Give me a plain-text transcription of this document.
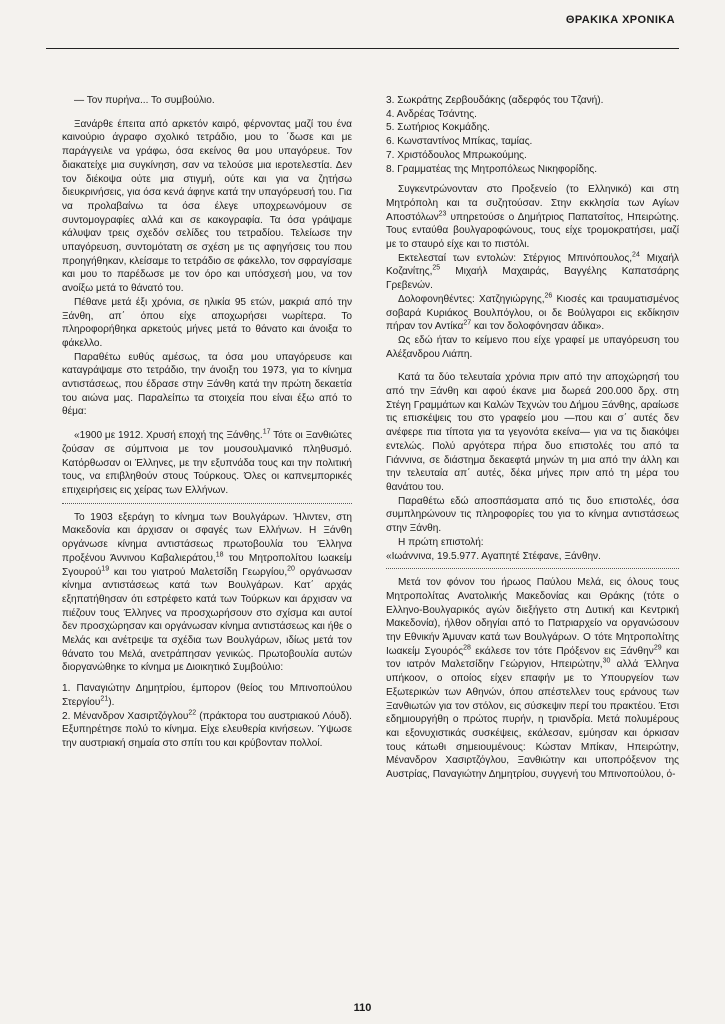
ΘΡΑΚΙΚΑ ΧΡΟΝΙΚΑ

— Τον πυρήνα... Το συμβούλιο.

Ξανάρθε έπειτα από αρκετόν καιρό, φέρνοντας μαζί του ένα καινούριο άγραφο σχολικό τετράδιο, μου το ΄δωσε και με παράγγειλε να γράφω, όσα εκείνος θα μου υπαγόρευε. Τον διακατείχε μια συγκίνηση, σαν να τελούσε μια ιεροτελεστία. Δεν τον διέκοψα ούτε μια στιγμή, ούτε και για να ζητήσω διευκρινήσεις, για όσα κενά άφηνε κατά την υπαγόρευσή του. Για να προλαβαίνω τα όσα έλεγε υποχρεωνόμουν σε συντομογραφίες αλλά και σε κακογραφία. Τα όσα γράψαμε κάλυψαν τρεις σχεδόν σελίδες του τετραδίου. Τελείωσε την υπαγόρευση, συντομότατη σε σχέση με τις αφηγήσεις του που προηγήθηκαν, κλείσαμε το τετράδιο σε φάκελλο, τον σφραγίσαμε και μου το παρέδωσε με τον όρο και υπόσχεσή μου, να τον ανοίξω μετά το θάνατό του.

Πέθανε μετά έξι χρόνια, σε ηλικία 95 ετών, μακριά από την Ξάνθη, απ΄ όπου είχε αποχωρήσει νωρίτερα. Το πληροφορήθηκα αρκετούς μήνες μετά το θάνατο και άνοιξα το φάκελλο.

Παραθέτω ευθύς αμέσως, τα όσα μου υπαγόρευσε και καταγράψαμε στο τετράδιο, την άνοιξη του 1973, για το κίνημα αντιστάσεως, που έδρασε στην Ξάνθη κατά την πρώτη δεκαετία του αιώνα μας. Παραλείπω τα στοιχεία που είναι έξω από το θέμα:

«1900 με 1912. Χρυσή εποχή της Ξάνθης.$^{17}$ Τότε οι Ξανθιώτες ζούσαν σε σύμπνοια με τον μουσουλμανικό πληθυσμό. Κατόρθωσαν οι Έλληνες, με την εξυπνάδα τους και την πολιτική τους, να επιβληθούν στους Τούρκους. Όλες οι καπνεμπορικές επιχειρήσεις εις χείρας των Ελλήνων.

Το 1903 εξεράγη το κίνημα των Βουλγάρων. Ήλιντεν, στη Μακεδονία και άρχισαν οι σφαγές των Ελλήνων. Η Ξάνθη οργάνωσε κίνημα αντιστάσεως πρωτοβουλία του Έλληνα προξένου Άννινου Καβαλιεράτου,$^{18}$ του Μητροπολίτου Ιωακείμ Σγουρού$^{19}$ και του γιατρού Μαλετσίδη Γεωργίου,$^{20}$ οργάνωσαν κίνημα αντιστάσεως κατά των Βουλγάρων. Κατ΄ αρχάς εξηπατήθησαν ότι εστρέφετο κατά των Τούρκων και άρχισαν να πιέζουν τους Έλληνες να προσχωρήσουν στο σχίσμα και αυτοί δεν προσχώρησαν και οργάνωσαν κίνημα αντιστάσεως και ήθε ο Μελάς και ανέτρεψε τα σχέδια των Βουλγάρων, ιδίως μετά τον θάνατο του Μελά, ανετράπησαν γενικώς. Πρωτοβουλία αυτών διοργανώθηκε το κίνημα με Διοικητικό Συμβούλιο:

1. Παναγιώτην Δημητρίου, έμπορον (θείος του Μπινοπούλου Στεργίου$^{21}$).

2. Μένανδρον Χασιρτζόγλου$^{22}$ (πράκτορα του αυστριακού Λόυδ). Εξυπηρέτησε πολύ το κίνημα. Είχε ελευθερία κινήσεων. Ύψωσε την αυστριακή σημαία στο σπίτι του και κρύβονταν πολλοί.

3. Σωκράτης Ζερβουδάκης (αδερφός του Τζανή).
4. Ανδρέας Τσάντης.
5. Σωτήριος Κοκμάδης.
6. Κωνσταντίνος Μπίκας, ταμίας.
7. Χριστόδουλος Μπρωκούμης.
8. Γραμματέας της Μητροπόλεως Νικηφορίδης.

Συγκεντρώνονταν στο Προξενείο (το Ελληνικό) και στη Μητρόπολη και τα συζητούσαν. Στην εκκλησία των Αγίων Αποστόλων$^{23}$ υπηρετούσε ο Δημήτριος Παπατσίτος, Ηπειρώτης. Τους ενταύθα βουλγαροφώνους, τους είχε τρομοκρατήσει, μαζί με το σταυρό είχε και το πιστόλι.

Εκτελεσταί των εντολών: Στέργιος Μπινόπουλος,$^{24}$ Μιχαήλ Κοζανίτης,$^{25}$ Μιχαήλ Μαχαιράς, Βαγγέλης Καπατσάρης Γρεβενών.

Δολοφονηθέντες: Χατζηγιώργης,$^{26}$ Κιοσές και τραυματισμένος σοβαρά Κυριάκος Βουλπόγλου, οι δε Βούλγαροι εις εκδίκησιν πήραν τον Αντίκα$^{27}$ και τον δολοφόνησαν άδικα».

Ως εδώ ήταν το κείμενο που είχε γραφεί με υπαγόρευση του Αλέξανδρου Λιάπη.

Κατά τα δύο τελευταία χρόνια πριν από την αποχώρησή του από την Ξάνθη και αφού έκανε μια δωρεά 200.000 δρχ. στη Στέγη Γραμμάτων και Καλών Τεχνών του Δήμου Ξάνθης, αραίωσε τις επισκέψεις του στο γραφείο μου —που και σ΄ αυτές δεν ανέφερε πια τίποτα για τα γεγονότα εκείνα— για να τις διακόψει εντελώς. Πολύ αργότερα πήρα δυο επιστολές του από τα Γιάννινα, σε διάστημα δεκαεφτά μηνών τη μια από την άλλη και την τελευταία απ΄ αυτές, δέκα μήνες πριν από τη μέρα του θανάτου του.

Παραθέτω εδώ αποσπάσματα από τις δυο επιστολές, όσα συμπληρώνουν τις πληροφορίες του για το κίνημα αντιστάσεως στην Ξάνθη.

Η πρώτη επιστολή:

«Ιωάννινα, 19.5.977. Αγαπητέ Στέφανε, Ξάνθην.

Μετά τον φόνον του ήρωος Παύλου Μελά, εις όλους τους Μητροπολίτας Ανατολικής Μακεδονίας και Θράκης (τότε ο Ελληνο-Βουλγαρικός αγών διεξήγετο στη Δυτική και Κεντρική Μακεδονία), ήλθον οδηγίαι από το Πατριαρχείο να οργανώσουν την Εθνικήν Άμυναν κατά των Βουλγάρων. Ο τότε Μητροπολίτης Ιωακείμ Σγουρός$^{28}$ εκάλεσε τον τότε Πρόξενον εις Ξάνθην$^{29}$ και τον ιατρόν Μαλετσίδην Γεώργιον, Ηπειρώτην,$^{30}$ αλλά Έλληνα υπήκοον, ο οποίος είχεν επαφήν με το Υπουργείον των Εξωτερικών των Αθηνών, όπου απέστελλεν τους εράνους των Ξανθιωτών για τον στόλον, εις σύσκεψιν περί του πρακτέου. Έτσι εδημιουργήθη ο πρώτος πυρήν, η τριανδρία. Μετά πολυμέρους και εξονυχιστικάς συσκέψεις, εκάλεσαν, εμύησαν και όρκισαν τους κάτωθι σημειουμένους: Κώσταν Μπίκαν, Ηπειρώτην, Μένανδρον Χασιρτζόγλου, Ξανθιώτην και υποπρόξενον της Αυστρίας, Παναγιώτην Δημητρίου, συγγενή του Μπινοπούλου, ό-

110
